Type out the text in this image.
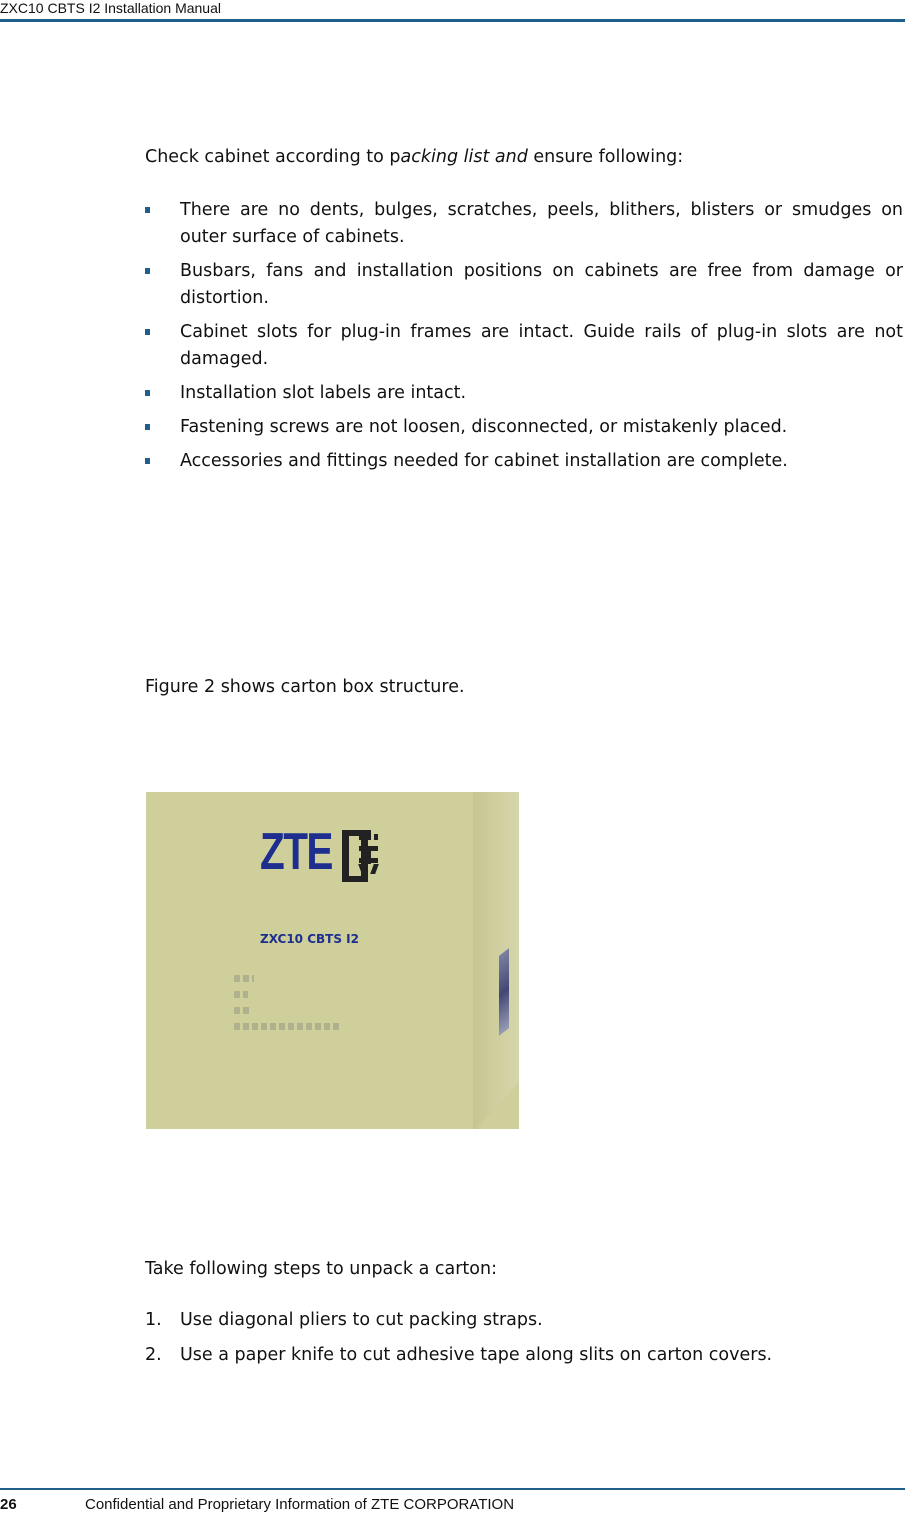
ZXC10 CBTS I2 Installation Manual
Check cabinet according to packing list and ensure following:
There are no dents, bulges, scratches, peels, blithers, blisters or smudges on outer surface of cabinets.
Busbars, fans and installation positions on cabinets are free from damage or distortion.
Cabinet slots for plug-in frames are intact. Guide rails of plug-in slots are not damaged.
Installation slot labels are intact.
Fastening screws are not loosen, disconnected, or mistakenly placed.
Accessories and fittings needed for cabinet installation are complete.
Figure 2 shows carton box structure.
ZTE
ZXC10 CBTS I2
Take following steps to unpack a carton:
1. Use diagonal pliers to cut packing straps.
2. Use a paper knife to cut adhesive tape along slits on carton covers.
26	Confidential and Proprietary Information of ZTE CORPORATION
